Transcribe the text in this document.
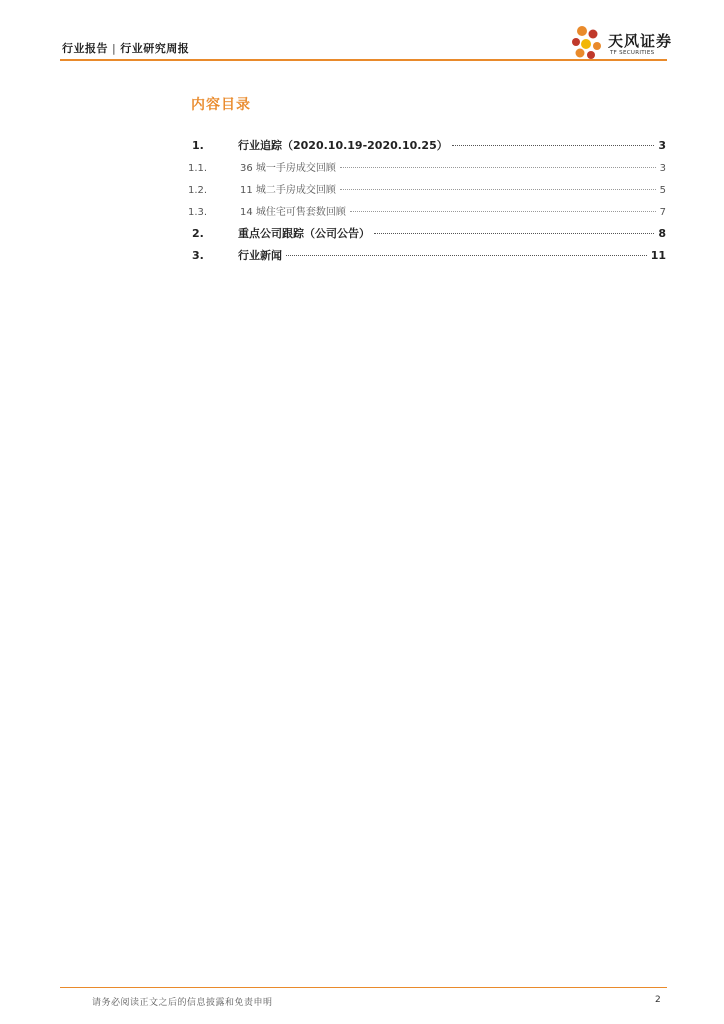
行业报告 | 行业研究周报	天风证券
TF SECURITIES
内容目录
1.	行业追踪（2020.10.19-2020.10.25）	3
1.1.	36 城一手房成交回顾	3
1.2.	11 城二手房成交回顾	5
1.3.	14 城住宅可售套数回顾	7
2.	重点公司跟踪（公司公告）	8
3.	行业新闻	11
请务必阅读正文之后的信息披露和免责申明	2
